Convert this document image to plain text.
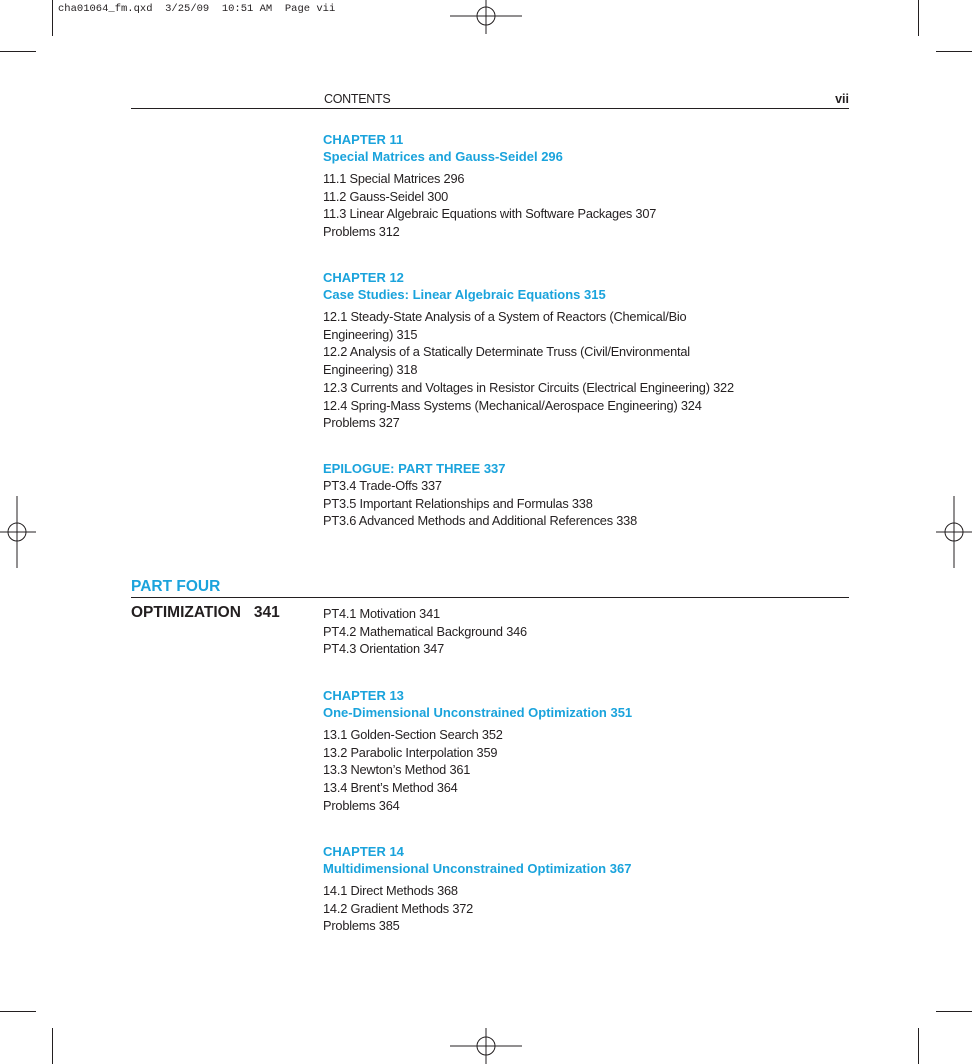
cha01064_fm.qxd  3/25/09  10:51 AM  Page vii
CONTENTS	vii
CHAPTER 11
Special Matrices and Gauss-Seidel 296
11.1 Special Matrices 296
11.2 Gauss-Seidel 300
11.3 Linear Algebraic Equations with Software Packages 307
Problems 312
CHAPTER 12
Case Studies: Linear Algebraic Equations 315
12.1 Steady-State Analysis of a System of Reactors (Chemical/Bio
Engineering) 315
12.2 Analysis of a Statically Determinate Truss (Civil/Environmental
Engineering) 318
12.3 Currents and Voltages in Resistor Circuits (Electrical Engineering) 322
12.4 Spring-Mass Systems (Mechanical/Aerospace Engineering) 324
Problems 327
EPILOGUE: PART THREE 337
PT3.4 Trade-Offs 337
PT3.5 Important Relationships and Formulas 338
PT3.6 Advanced Methods and Additional References 338
PART FOUR
OPTIMIZATION   341	PT4.1 Motivation 341
PT4.2 Mathematical Background 346
PT4.3 Orientation 347
CHAPTER 13
One-Dimensional Unconstrained Optimization 351
13.1 Golden-Section Search 352
13.2 Parabolic Interpolation 359
13.3 Newton’s Method 361
13.4 Brent’s Method 364
Problems 364
CHAPTER 14
Multidimensional Unconstrained Optimization 367
14.1 Direct Methods 368
14.2 Gradient Methods 372
Problems 385
